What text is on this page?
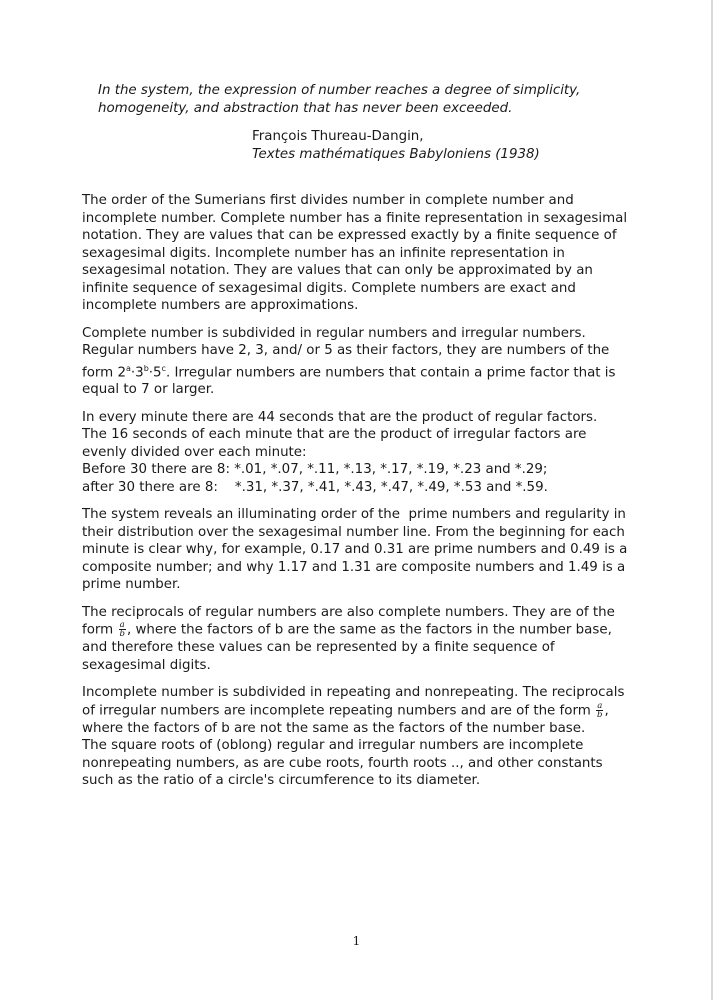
In the system, the expression of number reaches a degree of simplicity,
homogeneity, and abstraction that has never been exceeded.
François Thureau-Dangin,
Textes mathématiques Babyloniens (1938)

The order of the Sumerians first divides number in complete number and
incomplete number. Complete number has a finite representation in sexagesimal
notation. They are values that can be expressed exactly by a finite sequence of
sexagesimal digits. Incomplete number has an infinite representation in
sexagesimal notation. They are values that can only be approximated by an
infinite sequence of sexagesimal digits. Complete numbers are exact and
incomplete numbers are approximations.

Complete number is subdivided in regular numbers and irregular numbers.
Regular numbers have 2, 3, and/ or 5 as their factors, they are numbers of the
form $2^a\cdot 3^b\cdot 5^c$. Irregular numbers are numbers that contain a prime factor that is
equal to 7 or larger.

In every minute there are 44 seconds that are the product of regular factors.
The 16 seconds of each minute that are the product of irregular factors are
evenly divided over each minute:
Before 30 there are 8: *.01, *.07, *.11, *.13, *.17, *.19, *.23 and *.29;
after 30 there are 8:    *.31, *.37, *.41, *.43, *.47, *.49, *.53 and *.59.

The system reveals an illuminating order of the  prime numbers and regularity in
their distribution over the sexagesimal number line. From the beginning for each
minute is clear why, for example, 0.17 and 0.31 are prime numbers and 0.49 is a
composite number; and why 1.17 and 1.31 are composite numbers and 1.49 is a
prime number.

The reciprocals of regular numbers are also complete numbers. They are of the
form $\frac{a}{b}$ , where the factors of b are the same as the factors in the number base,
and therefore these values can be represented by a finite sequence of
sexagesimal digits.

Incomplete number is subdivided in repeating and nonrepeating. The reciprocals
of irregular numbers are incomplete repeating numbers and are of the form $\frac{a}{b}$ ,
where the factors of b are not the same as the factors of the number base.
The square roots of (oblong) regular and irregular numbers are incomplete
nonrepeating numbers, as are cube roots, fourth roots .., and other constants
such as the ratio of a circle's circumference to its diameter.

1
